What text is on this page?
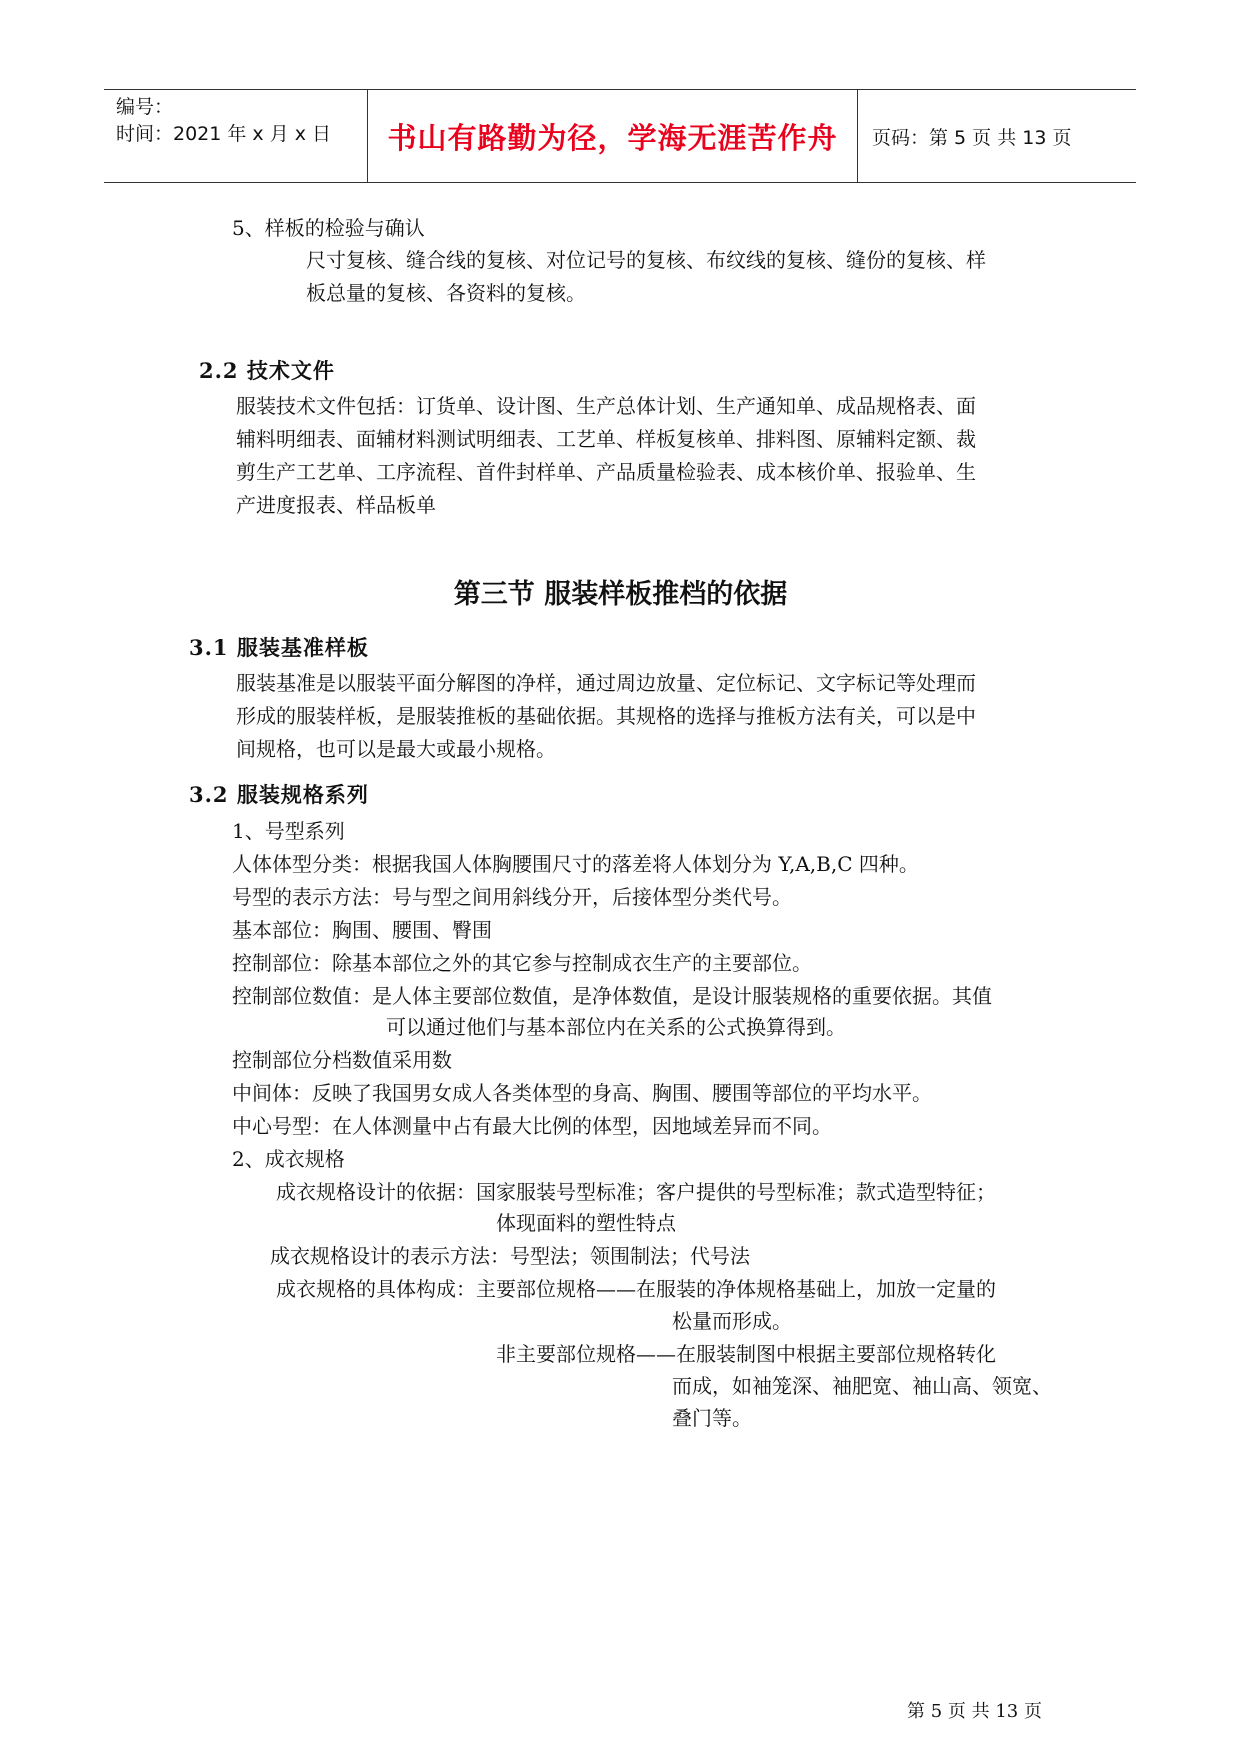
编号：
时间：2021 年 x 月 x 日	书山有路勤为径，学海无涯苦作舟	页码：第 5 页 共 13 页
5、样板的检验与确认
尺寸复核、缝合线的复核、对位记号的复核、布纹线的复核、缝份的复核、样
板总量的复核、各资料的复核。
2.2 技术文件
服装技术文件包括：订货单、设计图、生产总体计划、生产通知单、成品规格表、面
辅料明细表、面辅材料测试明细表、工艺单、样板复核单、排料图、原辅料定额、裁
剪生产工艺单、工序流程、首件封样单、产品质量检验表、成本核价单、报验单、生
产进度报表、样品板单
第三节 服装样板推档的依据
3.1 服装基准样板
服装基准是以服装平面分解图的净样，通过周边放量、定位标记、文字标记等处理而
形成的服装样板，是服装推板的基础依据。其规格的选择与推板方法有关，可以是中
间规格，也可以是最大或最小规格。
3.2 服装规格系列
1、号型系列
人体体型分类：根据我国人体胸腰围尺寸的落差将人体划分为 Y,A,B,C 四种。
号型的表示方法：号与型之间用斜线分开，后接体型分类代号。
基本部位：胸围、腰围、臀围
控制部位：除基本部位之外的其它参与控制成衣生产的主要部位。
控制部位数值：是人体主要部位数值，是净体数值，是设计服装规格的重要依据。其值
可以通过他们与基本部位内在关系的公式换算得到。
控制部位分档数值采用数
中间体：反映了我国男女成人各类体型的身高、胸围、腰围等部位的平均水平。
中心号型：在人体测量中占有最大比例的体型，因地域差异而不同。
2、成衣规格
成衣规格设计的依据：国家服装号型标准；客户提供的号型标准；款式造型特征；
体现面料的塑性特点
成衣规格设计的表示方法：号型法；领围制法；代号法
成衣规格的具体构成：主要部位规格——在服装的净体规格基础上，加放一定量的
松量而形成。
非主要部位规格——在服装制图中根据主要部位规格转化
而成，如袖笼深、袖肥宽、袖山高、领宽、
叠门等。
第 5 页 共 13 页
